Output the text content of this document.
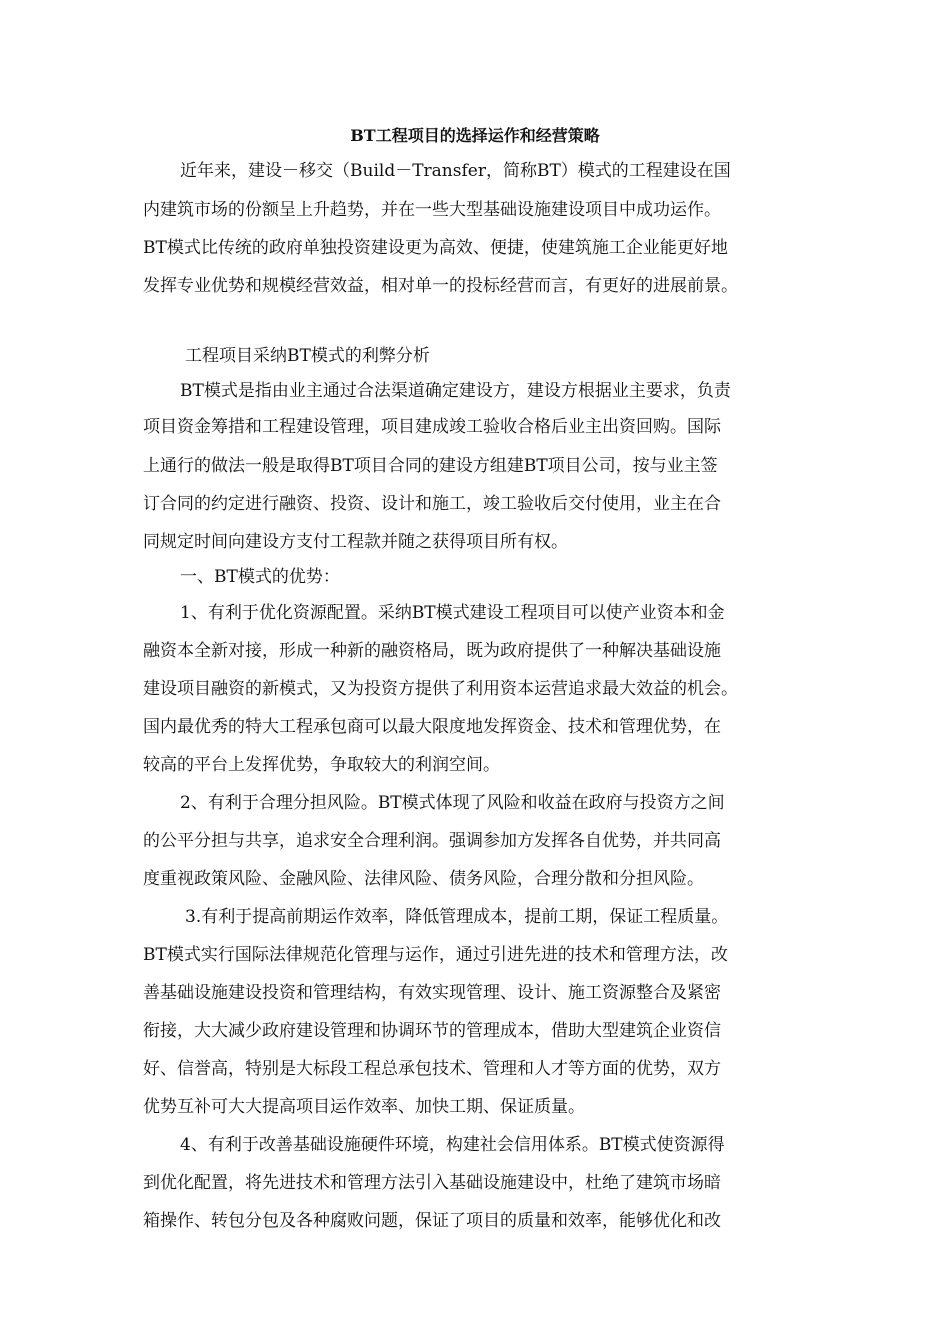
BT工程项目的选择运作和经营策略
近年来，建设－移交（Build－Transfer，简称BT）模式的工程建设在国
内建筑市场的份额呈上升趋势，并在一些大型基础设施建设项目中成功运作。
BT模式比传统的政府单独投资建设更为高效、便捷，使建筑施工企业能更好地
发挥专业优势和规模经营效益，相对单一的投标经营而言，有更好的进展前景。
工程项目采纳BT模式的利弊分析
BT模式是指由业主通过合法渠道确定建设方，建设方根据业主要求，负责
项目资金筹措和工程建设管理，项目建成竣工验收合格后业主出资回购。国际
上通行的做法一般是取得BT项目合同的建设方组建BT项目公司，按与业主签
订合同的约定进行融资、投资、设计和施工，竣工验收后交付使用，业主在合
同规定时间向建设方支付工程款并随之获得项目所有权。
一、BT模式的优势：
1、有利于优化资源配置。采纳BT模式建设工程项目可以使产业资本和金
融资本全新对接，形成一种新的融资格局，既为政府提供了一种解决基础设施
建设项目融资的新模式，又为投资方提供了利用资本运营追求最大效益的机会。
国内最优秀的特大工程承包商可以最大限度地发挥资金、技术和管理优势，在
较高的平台上发挥优势，争取较大的利润空间。
2、有利于合理分担风险。BT模式体现了风险和收益在政府与投资方之间
的公平分担与共享，追求安全合理利润。强调参加方发挥各自优势，并共同高
度重视政策风险、金融风险、法律风险、债务风险，合理分散和分担风险。
3.有利于提高前期运作效率，降低管理成本，提前工期，保证工程质量。
BT模式实行国际法律规范化管理与运作，通过引进先进的技术和管理方法，改
善基础设施建设投资和管理结构，有效实现管理、设计、施工资源整合及紧密
衔接，大大减少政府建设管理和协调环节的管理成本，借助大型建筑企业资信
好、信誉高，特别是大标段工程总承包技术、管理和人才等方面的优势，双方
优势互补可大大提高项目运作效率、加快工期、保证质量。
4、有利于改善基础设施硬件环境，构建社会信用体系。BT模式使资源得
到优化配置，将先进技术和管理方法引入基础设施建设中，杜绝了建筑市场暗
箱操作、转包分包及各种腐败问题，保证了项目的质量和效率，能够优化和改
